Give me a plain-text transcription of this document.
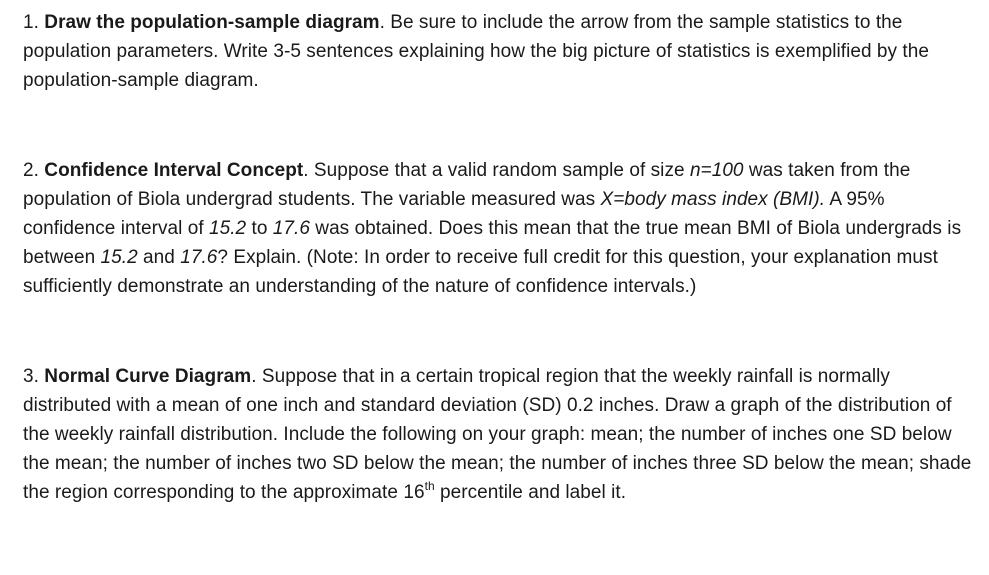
1. Draw the population-sample diagram. Be sure to include the arrow from the sample statistics to the population parameters. Write 3-5 sentences explaining how the big picture of statistics is exemplified by the population-sample diagram.

2. Confidence Interval Concept. Suppose that a valid random sample of size n=100 was taken from the population of Biola undergrad students. The variable measured was X=body mass index (BMI). A 95% confidence interval of 15.2 to 17.6 was obtained. Does this mean that the true mean BMI of Biola undergrads is between 15.2 and 17.6? Explain. (Note: In order to receive full credit for this question, your explanation must sufficiently demonstrate an understanding of the nature of confidence intervals.)

3. Normal Curve Diagram. Suppose that in a certain tropical region that the weekly rainfall is normally distributed with a mean of one inch and standard deviation (SD) 0.2 inches. Draw a graph of the distribution of the weekly rainfall distribution. Include the following on your graph: mean; the number of inches one SD below the mean; the number of inches two SD below the mean; the number of inches three SD below the mean; shade the region corresponding to the approximate 16th percentile and label it.
